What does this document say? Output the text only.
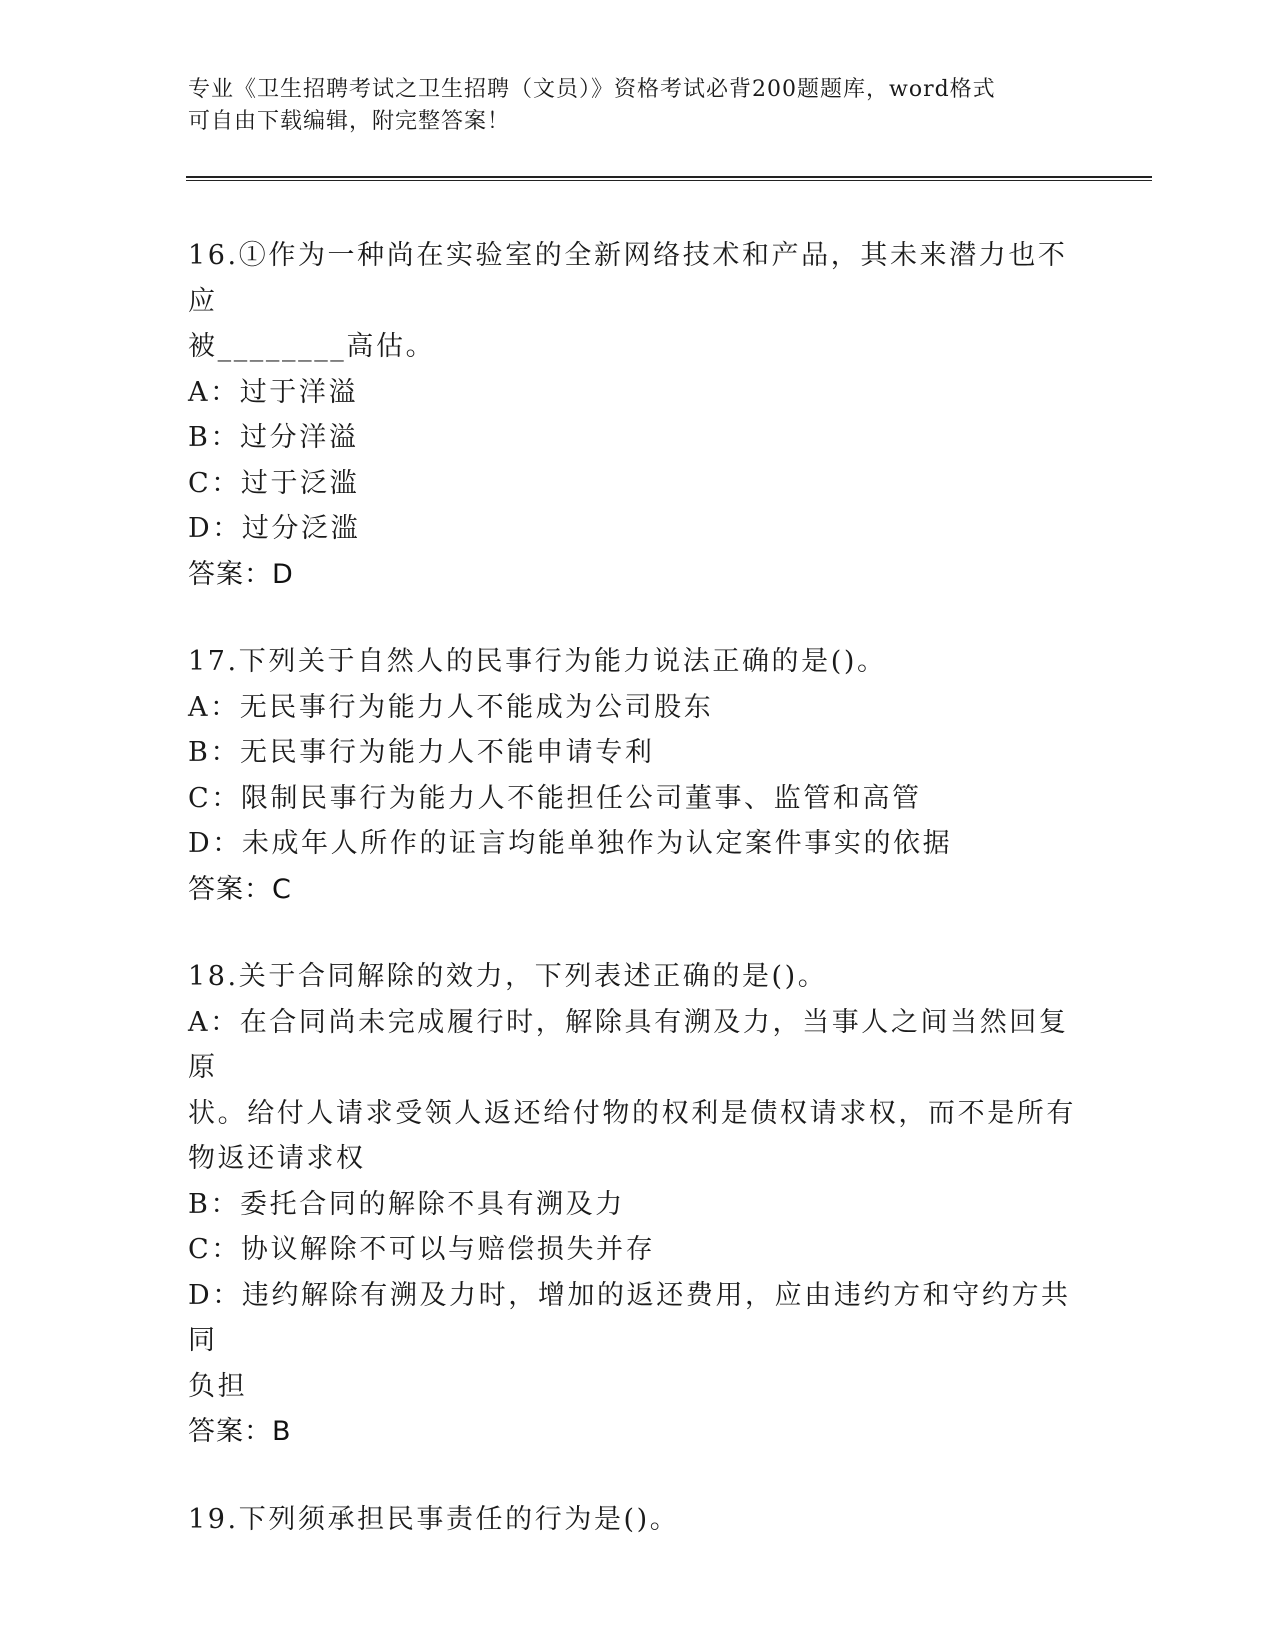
专业《卫生招聘考试之卫生招聘（文员）》资格考试必背200题题库，word格式
可自由下载编辑，附完整答案！
16.①作为一种尚在实验室的全新网络技术和产品，其未来潜力也不应
被________高估。
A：过于洋溢
B：过分洋溢
C：过于泛滥
D：过分泛滥
答案：D
17.下列关于自然人的民事行为能力说法正确的是()。
A：无民事行为能力人不能成为公司股东
B：无民事行为能力人不能申请专利
C：限制民事行为能力人不能担任公司董事、监管和高管
D：未成年人所作的证言均能单独作为认定案件事实的依据
答案：C
18.关于合同解除的效力，下列表述正确的是()。
A：在合同尚未完成履行时，解除具有溯及力，当事人之间当然回复原
状。给付人请求受领人返还给付物的权利是债权请求权，而不是所有
物返还请求权
B：委托合同的解除不具有溯及力
C：协议解除不可以与赔偿损失并存
D：违约解除有溯及力时，增加的返还费用，应由违约方和守约方共同
负担
答案：B
19.下列须承担民事责任的行为是()。
